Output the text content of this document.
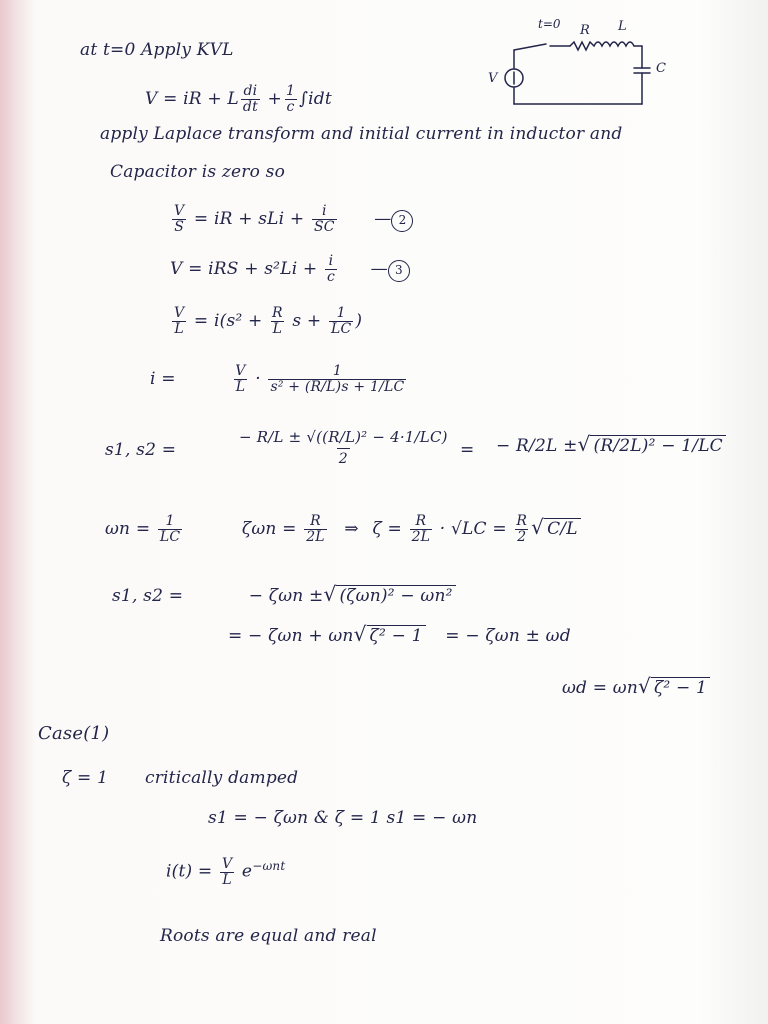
at t=0 Apply KVL
t=0 R L
C
V
V = iR + L $\frac{di}{dt} + \frac{1}{c} \int idt$
apply Laplace transform and initial current in inductor and
Capacitor is zero so
$\frac{V}{S}$ = iR + sLi + $\frac{i}{SC}$ — 2
V = iRS + $s^2Li + \frac{i}{c}$ — 3
$\frac{V}{L} = i(s^2 + \frac{R}{L}$ $s + \frac{1}{LC}$ )
i =	$\frac{V}{L} \cdot \frac{1}{\text{s² + (R/L)s + 1/LC}}$
s1, s2 =	$\frac{\text{− R/L ± √((R/L)² − 4·1/LC)}}{2}$ = − R/2L ±√ (R/2L)² − 1/LC
$\omega n = \frac{1}{LC}$	$\zeta\omega n = \frac{R}{2L}$ ⇒ $\zeta = \frac{R}{2L} \cdot √LC = \frac{R}{2}$ √ C/L
s1, s2 =	− ζωn ±√ (ζωn)² − ωn²
= − ζωn + ωn√ ζ² − 1 = − ζωn ± ωd
ωd = ωn√ ζ² − 1
Case(1)
ζ = 1 critically damped
s1 = − ζωn & ζ = 1 s1 = − ωn
$i(t) = \frac{V}{L} e^{-\omega nt}$
Roots are equal and real
